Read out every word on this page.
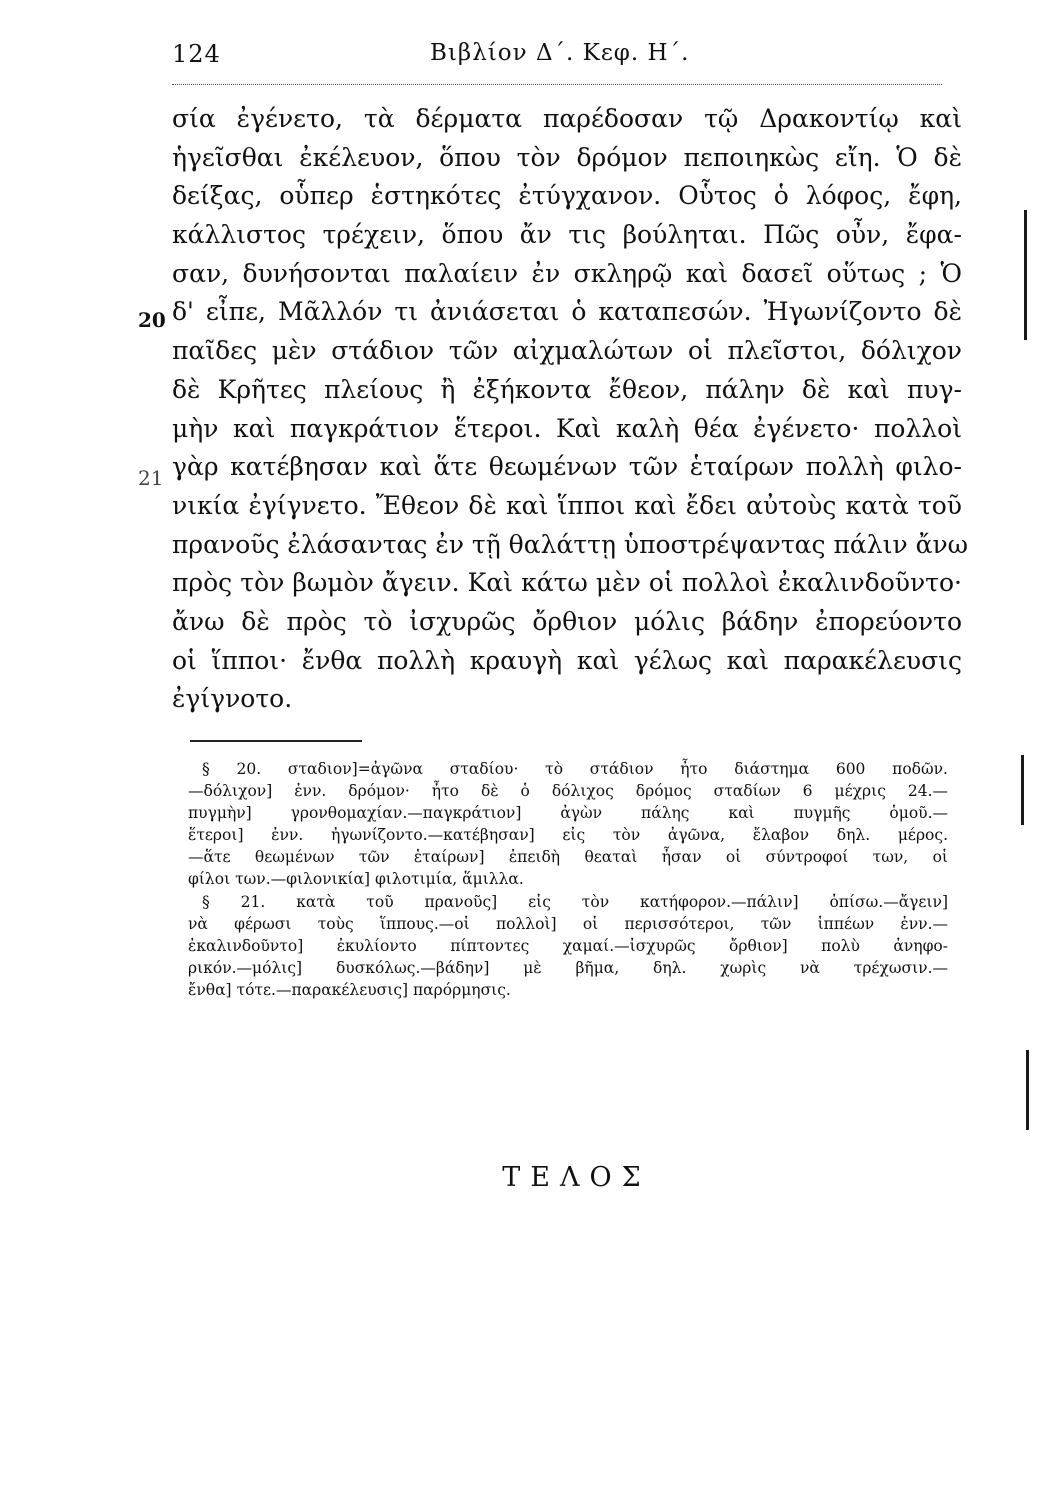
124	Βιβλίον Δ΄. Κεφ. Η΄.
20
21
σία ἐγένετο, τὰ δέρματα παρέδοσαν τῷ Δρακοντίῳ καὶ
ἡγεῖσθαι ἐκέλευον, ὅπου τὸν δρόμον πεποιηκὼς εἴη. Ὁ δὲ
δείξας, οὗπερ ἑστηκότες ἐτύγχανον. Οὗτος ὁ λόφος, ἔφη,
κάλλιστος τρέχειν, ὅπου ἄν τις βούληται. Πῶς οὖν, ἔφα-
σαν, δυνήσονται παλαίειν ἐν σκληρῷ καὶ δασεῖ οὕτως ; Ὁ
δ' εἶπε, Μᾶλλόν τι ἀνιάσεται ὁ καταπεσών. Ἠγωνίζοντο δὲ
παῖδες μὲν στάδιον τῶν αἰχμαλώτων οἱ πλεῖστοι, δόλιχον
δὲ Κρῆτες πλείους ἢ ἐξήκοντα ἔθεον, πάλην δὲ καὶ πυγ-
μὴν καὶ παγκράτιον ἕτεροι. Καὶ καλὴ θέα ἐγένετο· πολλοὶ
γὰρ κατέβησαν καὶ ἅτε θεωμένων τῶν ἑταίρων πολλὴ φιλο-
νικία ἐγίγνετο. Ἔθεον δὲ καὶ ἵπποι καὶ ἔδει αὐτοὺς κατὰ τοῦ
πρανοῦς ἐλάσαντας ἐν τῇ θαλάττῃ ὑποστρέψαντας πάλιν ἄνω
πρὸς τὸν βωμὸν ἄγειν. Καὶ κάτω μὲν οἱ πολλοὶ ἐκαλινδοῦντο·
ἄνω δὲ πρὸς τὸ ἰσχυρῶς ὄρθιον μόλις βάδην ἐπορεύοντο
οἱ ἵπποι· ἔνθα πολλὴ κραυγὴ καὶ γέλως καὶ παρακέλευσις
ἐγίγνοτο.
§ 20. σταδιον]=ἀγῶνα σταδίου· τὸ στάδιον ἦτο διάστημα 600 ποδῶν.
—δόλιχον] ἐνν. δρόμον· ἦτο δὲ ὁ δόλιχος δρόμος σταδίων 6 μέχρις 24.—
πυγμὴν] γρονθομαχίαν.—παγκράτιον] ἀγὼν πάλης καὶ πυγμῆς ὁμοῦ.—
ἕτεροι] ἐνν. ἠγωνίζοντο.—κατέβησαν] εἰς τὸν ἀγῶνα, ἔλαβον δηλ. μέρος.
—ἅτε θεωμένων τῶν ἑταίρων] ἐπειδὴ θεαταὶ ἦσαν οἱ σύντροφοί των, οἱ
φίλοι των.—φιλονικία] φιλοτιμία, ἅμιλλα.
§ 21. κατὰ τοῦ πρανοῦς] εἰς τὸν κατήφορον.—πάλιν] ὀπίσω.—ἄγειν]
νὰ φέρωσι τοὺς ἵππους.—οἱ πολλοὶ] οἱ περισσότεροι, τῶν ἱππέων ἐνν.—
ἐκαλινδοῦντο] ἐκυλίοντο πίπτοντες χαμαί.—ἰσχυρῶς ὄρθιον] πολὺ ἀνηφο-
ρικόν.—μόλις] δυσκόλως.—βάδην] μὲ βῆμα, δηλ. χωρὶς νὰ τρέχωσιν.—
ἔνθα] τότε.—παρακέλευσις] παρόρμησις.
ΤΕΛΟΣ
